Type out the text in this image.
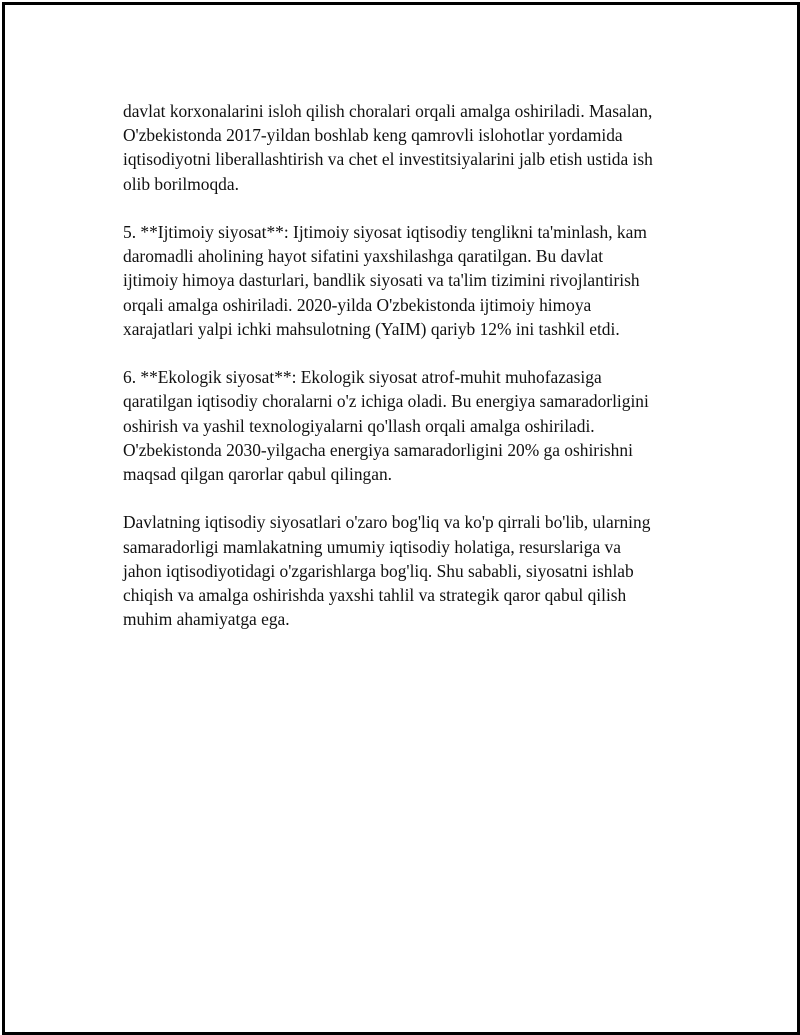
davlat korxonalarini isloh qilish choralari orqali amalga oshiriladi. Masalan,
O'zbekistonda 2017-yildan boshlab keng qamrovli islohotlar yordamida
iqtisodiyotni liberallashtirish va chet el investitsiyalarini jalb etish ustida ish
olib borilmoqda.

5. **Ijtimoiy siyosat**: Ijtimoiy siyosat iqtisodiy tenglikni ta'minlash, kam
daromadli aholining hayot sifatini yaxshilashga qaratilgan. Bu davlat
ijtimoiy himoya dasturlari, bandlik siyosati va ta'lim tizimini rivojlantirish
orqali amalga oshiriladi. 2020-yilda O'zbekistonda ijtimoiy himoya
xarajatlari yalpi ichki mahsulotning (YaIM) qariyb 12% ini tashkil etdi.

6. **Ekologik siyosat**: Ekologik siyosat atrof-muhit muhofazasiga
qaratilgan iqtisodiy choralarni o'z ichiga oladi. Bu energiya samaradorligini
oshirish va yashil texnologiyalarni qo'llash orqali amalga oshiriladi.
O'zbekistonda 2030-yilgacha energiya samaradorligini 20% ga oshirishni
maqsad qilgan qarorlar qabul qilingan.

Davlatning iqtisodiy siyosatlari o'zaro bog'liq va ko'p qirrali bo'lib, ularning
samaradorligi mamlakatning umumiy iqtisodiy holatiga, resurslariga va
jahon iqtisodiyotidagi o'zgarishlarga bog'liq. Shu sababli, siyosatni ishlab
chiqish va amalga oshirishda yaxshi tahlil va strategik qaror qabul qilish
muhim ahamiyatga ega.
